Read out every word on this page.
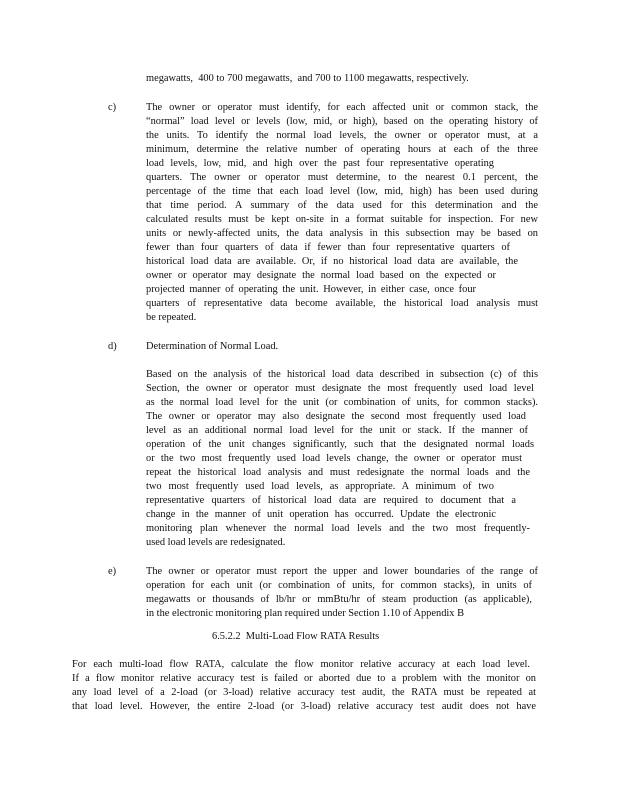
megawatts,  400 to 700 megawatts,  and 700 to 1100 megawatts, respectively.

c)	The owner or operator must identify, for each affected unit or common stack, the

“normal” load level or levels (low, mid, or high), based on the operating history of

the units. To identify the normal load levels, the owner or operator must, at a

minimum, determine the relative number of operating hours at each of the three

load levels, low, mid, and high over the past four representative operating

quarters. The owner or operator must determine, to the nearest 0.1 percent, the

percentage of the time that each load level (low, mid, high) has been used during

that time period. A summary of the data used for this determination and the

calculated results must be kept on-site in a format suitable for inspection. For new

units or newly-affected units, the data analysis in this subsection may be based on

fewer than four quarters of data if fewer than four representative quarters of

historical load data are available. Or, if no historical load data are available, the

owner or operator may designate the normal load based on the expected or

projected manner of operating the unit. However, in either case, once four

quarters of representative data become available, the historical load analysis must

be repeated.

d)	Determination of Normal Load.

Based on the analysis of the historical load data described in subsection (c) of this

Section, the owner or operator must designate the most frequently used load level

as the normal load level for the unit (or combination of units, for common stacks).

The owner or operator may also designate the second most frequently used load

level as an additional normal load level for the unit or stack. If the manner of

operation of the unit changes significantly, such that the designated normal loads

or the two most frequently used load levels change, the owner or operator must

repeat the historical load analysis and must redesignate the normal loads and the

two most frequently used load levels, as appropriate. A minimum of two

representative quarters of historical load data are required to document that a

change in the manner of unit operation has occurred. Update the electronic

monitoring plan whenever the normal load levels and the two most frequently-

used load levels are redesignated.

e)	The owner or operator must report the upper and lower boundaries of the range of

operation for each unit (or combination of units, for common stacks), in units of

megawatts or thousands of lb/hr or mmBtu/hr of steam production (as applicable),

in the electronic monitoring plan required under Section 1.10 of Appendix B

6.5.2.2  Multi-Load Flow RATA Results

For each multi-load flow RATA, calculate the flow monitor relative accuracy at each load level.

If a flow monitor relative accuracy test is failed or aborted due to a problem with the monitor on

any load level of a 2-load (or 3-load) relative accuracy test audit, the RATA must be repeated at

that load level. However, the entire 2-load (or 3-load) relative accuracy test audit does not have
